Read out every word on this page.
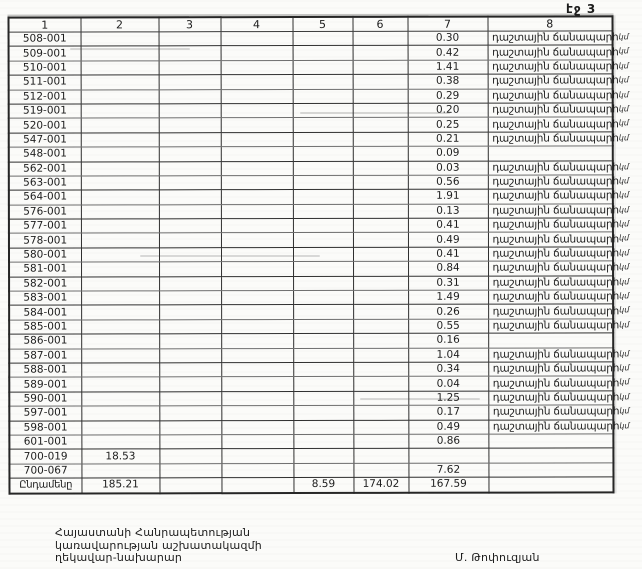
էջ 3
1	2	3	4	5	6	7	8
508-001						0.30	դաշտային ճանապարհ կմ

509-001						0.42	դաշտային ճանապարհ կմ

510-001						1.41	դաշտային ճանապարհ կմ

511-001						0.38	դաշտային ճանապարհ կմ

512-001						0.29	դաշտային ճանապարհ կմ

519-001						0.20	դաշտային ճանապարհ կմ

520-001						0.25	դաշտային ճանապարհ կմ

547-001						0.21	դաշտային ճանապարհ կմ

548-001						0.09	

562-001						0.03	դաշտային ճանապարհ կմ

563-001						0.56	դաշտային ճանապարհ կմ

564-001						1.91	դաշտային ճանապարհ կմ

576-001						0.13	դաշտային ճանապարհ կմ

577-001						0.41	դաշտային ճանապարհ կմ

578-001						0.49	դաշտային ճանապարհ կմ

580-001						0.41	դաշտային ճանապարհ կմ

581-001						0.84	դաշտային ճանապարհ կմ

582-001						0.31	դաշտային ճանապարհ կմ

583-001						1.49	դաշտային ճանապարհ կմ

584-001						0.26	դաշտային ճանապարհ կմ

585-001						0.55	դաշտային ճանապարհ կմ

586-001						0.16	

587-001						1.04	դաշտային ճանապարհ կմ

588-001						0.34	դաշտային ճանապարհ կմ

589-001						0.04	դաշտային ճանապարհ կմ

590-001						1.25	դաշտային ճանապարհ կմ

597-001						0.17	դաշտային ճանապարհ կմ

598-001						0.49	դաշտային ճանապարհ կմ

601-001						0.86	

700-019	18.53						

700-067						7.62	

Ընդամենը	185.21			8.59	174.02	167.59	
Հայաստանի Հանրապետության
կառավարության աշխատակազմի
ղեկավար-նախարար	Մ. Թոփուզյան
